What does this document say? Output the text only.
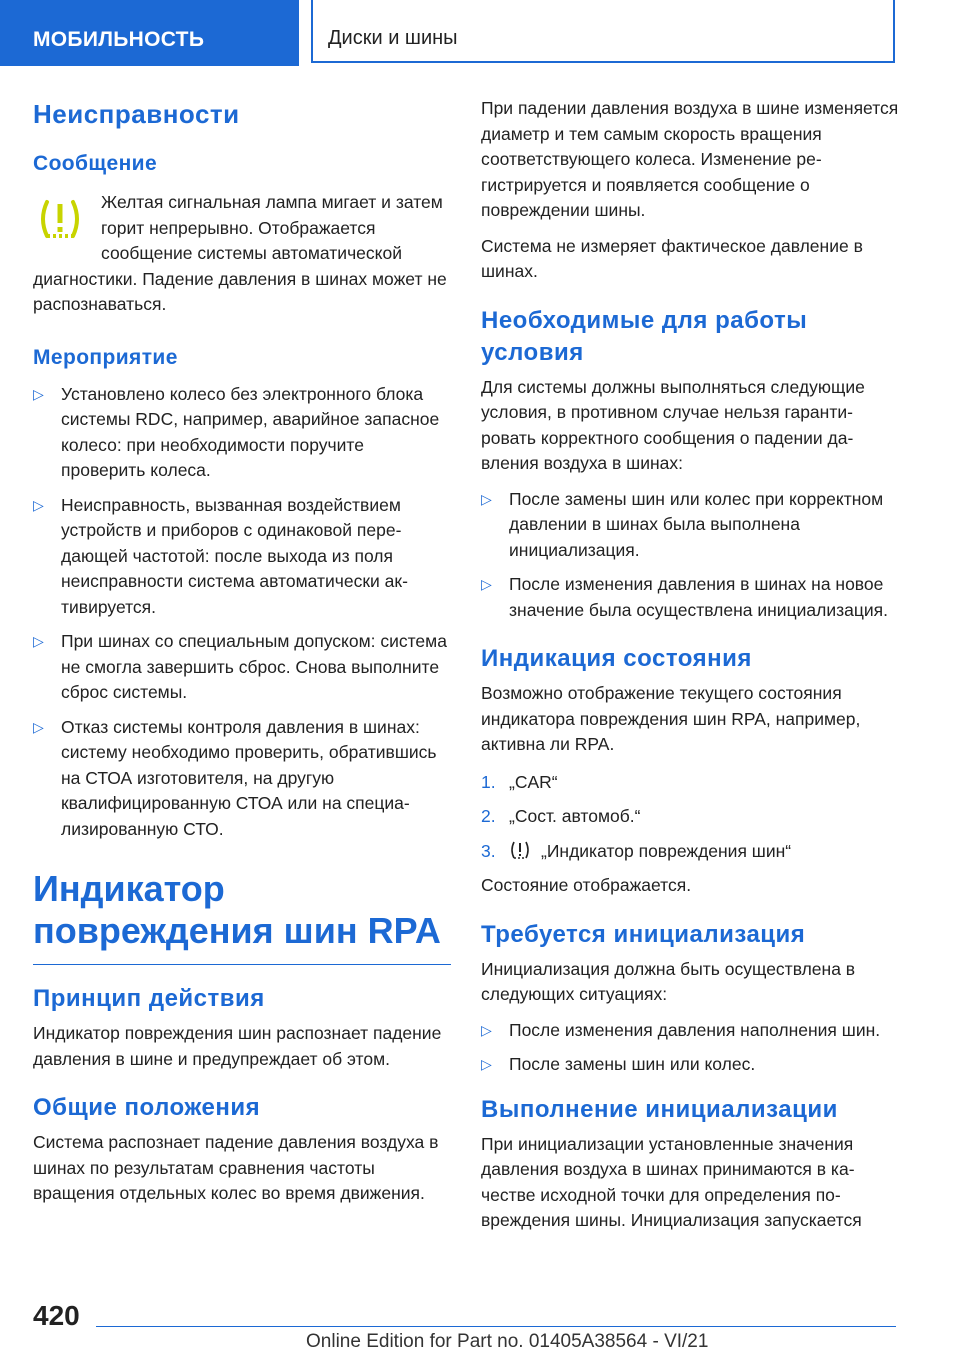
МОБИЛЬНОСТЬ	Диски и шины
Неисправности
Сообщение

Желтая сигнальная лампа мигает и затем горит непрерывно. Отображается сообщение системы автоматической диагностики. Падение давления в шинах может не распознаваться.

Мероприятие
▷ Установлено колесо без электронного блока системы RDC, например, аварийное запасное колесо: при необходимости поручите проверить колеса.
▷ Неисправность, вызванная воздействием устройств и приборов с одинаковой передающей частотой: после выхода из поля неисправности система автоматически активируется.
▷ При шинах со специальным допуском: система не смогла завершить сброс. Снова выполните сброс системы.
▷ Отказ системы контроля давления в шинах: систему необходимо проверить, обратившись на СТОА изготовителя, на другую квалифицированную СТОА или на специализированную СТО.
Индикатор повреждения шин RPA
Принцип действия

Индикатор повреждения шин распознает падение давления в шине и предупреждает об этом.

Общие положения

Система распознает падение давления воздуха в шинах по результатам сравнения частоты вращения отдельных колес во время движения.

При падении давления воздуха в шине изменяется диаметр и тем самым скорость вращения соответствующего колеса. Изменение регистрируется и появляется сообщение о повреждении шины.

Система не измеряет фактическое давление в шинах.

Необходимые для работы условия

Для системы должны выполняться следующие условия, в противном случае нельзя гарантировать корректного сообщения о падении давления воздуха в шинах:

▷ После замены шин или колес при корректном давлении в шинах была выполнена инициализация.
▷ После изменения давления в шинах на новое значение была осуществлена инициализация.
Индикация состояния

Возможно отображение текущего состояния индикатора повреждения шин RPA, например, активна ли RPA.

1. „CAR“
2. „Сост. автомоб.“
3.	„Индикатор повреждения шин“

Состояние отображается.

Требуется инициализация

Инициализация должна быть осуществлена в следующих ситуациях:

▷ После изменения давления наполнения шин.
▷ После замены шин или колес.
Выполнение инициализации

При инициализации установленные значения давления воздуха в шинах принимаются в качестве исходной точки для определения повреждения шины. Инициализация запускается

420
Online Edition for Part no. 01405A38564 - VI/21
